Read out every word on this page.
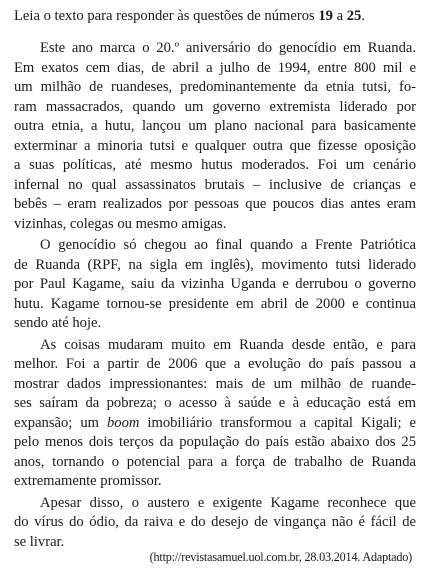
Leia o texto para responder às questões de números 19 a 25.

Este ano marca o 20.º aniversário do genocídio em Ruanda.
Em exatos cem dias, de abril a julho de 1994, entre 800 mil e
um milhão de ruandeses, predominantemente da etnia tutsi, fo-
ram massacrados, quando um governo extremista liderado por
outra etnia, a hutu, lançou um plano nacional para basicamente
exterminar a minoria tutsi e qualquer outra que fizesse oposição
a suas políticas, até mesmo hutus moderados. Foi um cenário
infernal no qual assassinatos brutais – inclusive de crianças e
bebês – eram realizados por pessoas que poucos dias antes eram
vizinhas, colegas ou mesmo amigas.

O genocídio só chegou ao final quando a Frente Patriótica
de Ruanda (RPF, na sigla em inglês), movimento tutsi liderado
por Paul Kagame, saiu da vizinha Uganda e derrubou o governo
hutu. Kagame tornou-se presidente em abril de 2000 e continua
sendo até hoje.

As coisas mudaram muito em Ruanda desde então, e para
melhor. Foi a partir de 2006 que a evolução do país passou a
mostrar dados impressionantes: mais de um milhão de ruande-
ses saíram da pobreza; o acesso à saúde e à educação está em
expansão; um boom imobiliário transformou a capital Kigali; e
pelo menos dois terços da população do país estão abaixo dos 25
anos, tornando o potencial para a força de trabalho de Ruanda
extremamente promissor.

Apesar disso, o austero e exigente Kagame reconhece que
do vírus do ódio, da raiva e do desejo de vingança não é fácil de
se livrar.

(http://revistasamuel.uol.com.br, 28.03.2014. Adaptado)
